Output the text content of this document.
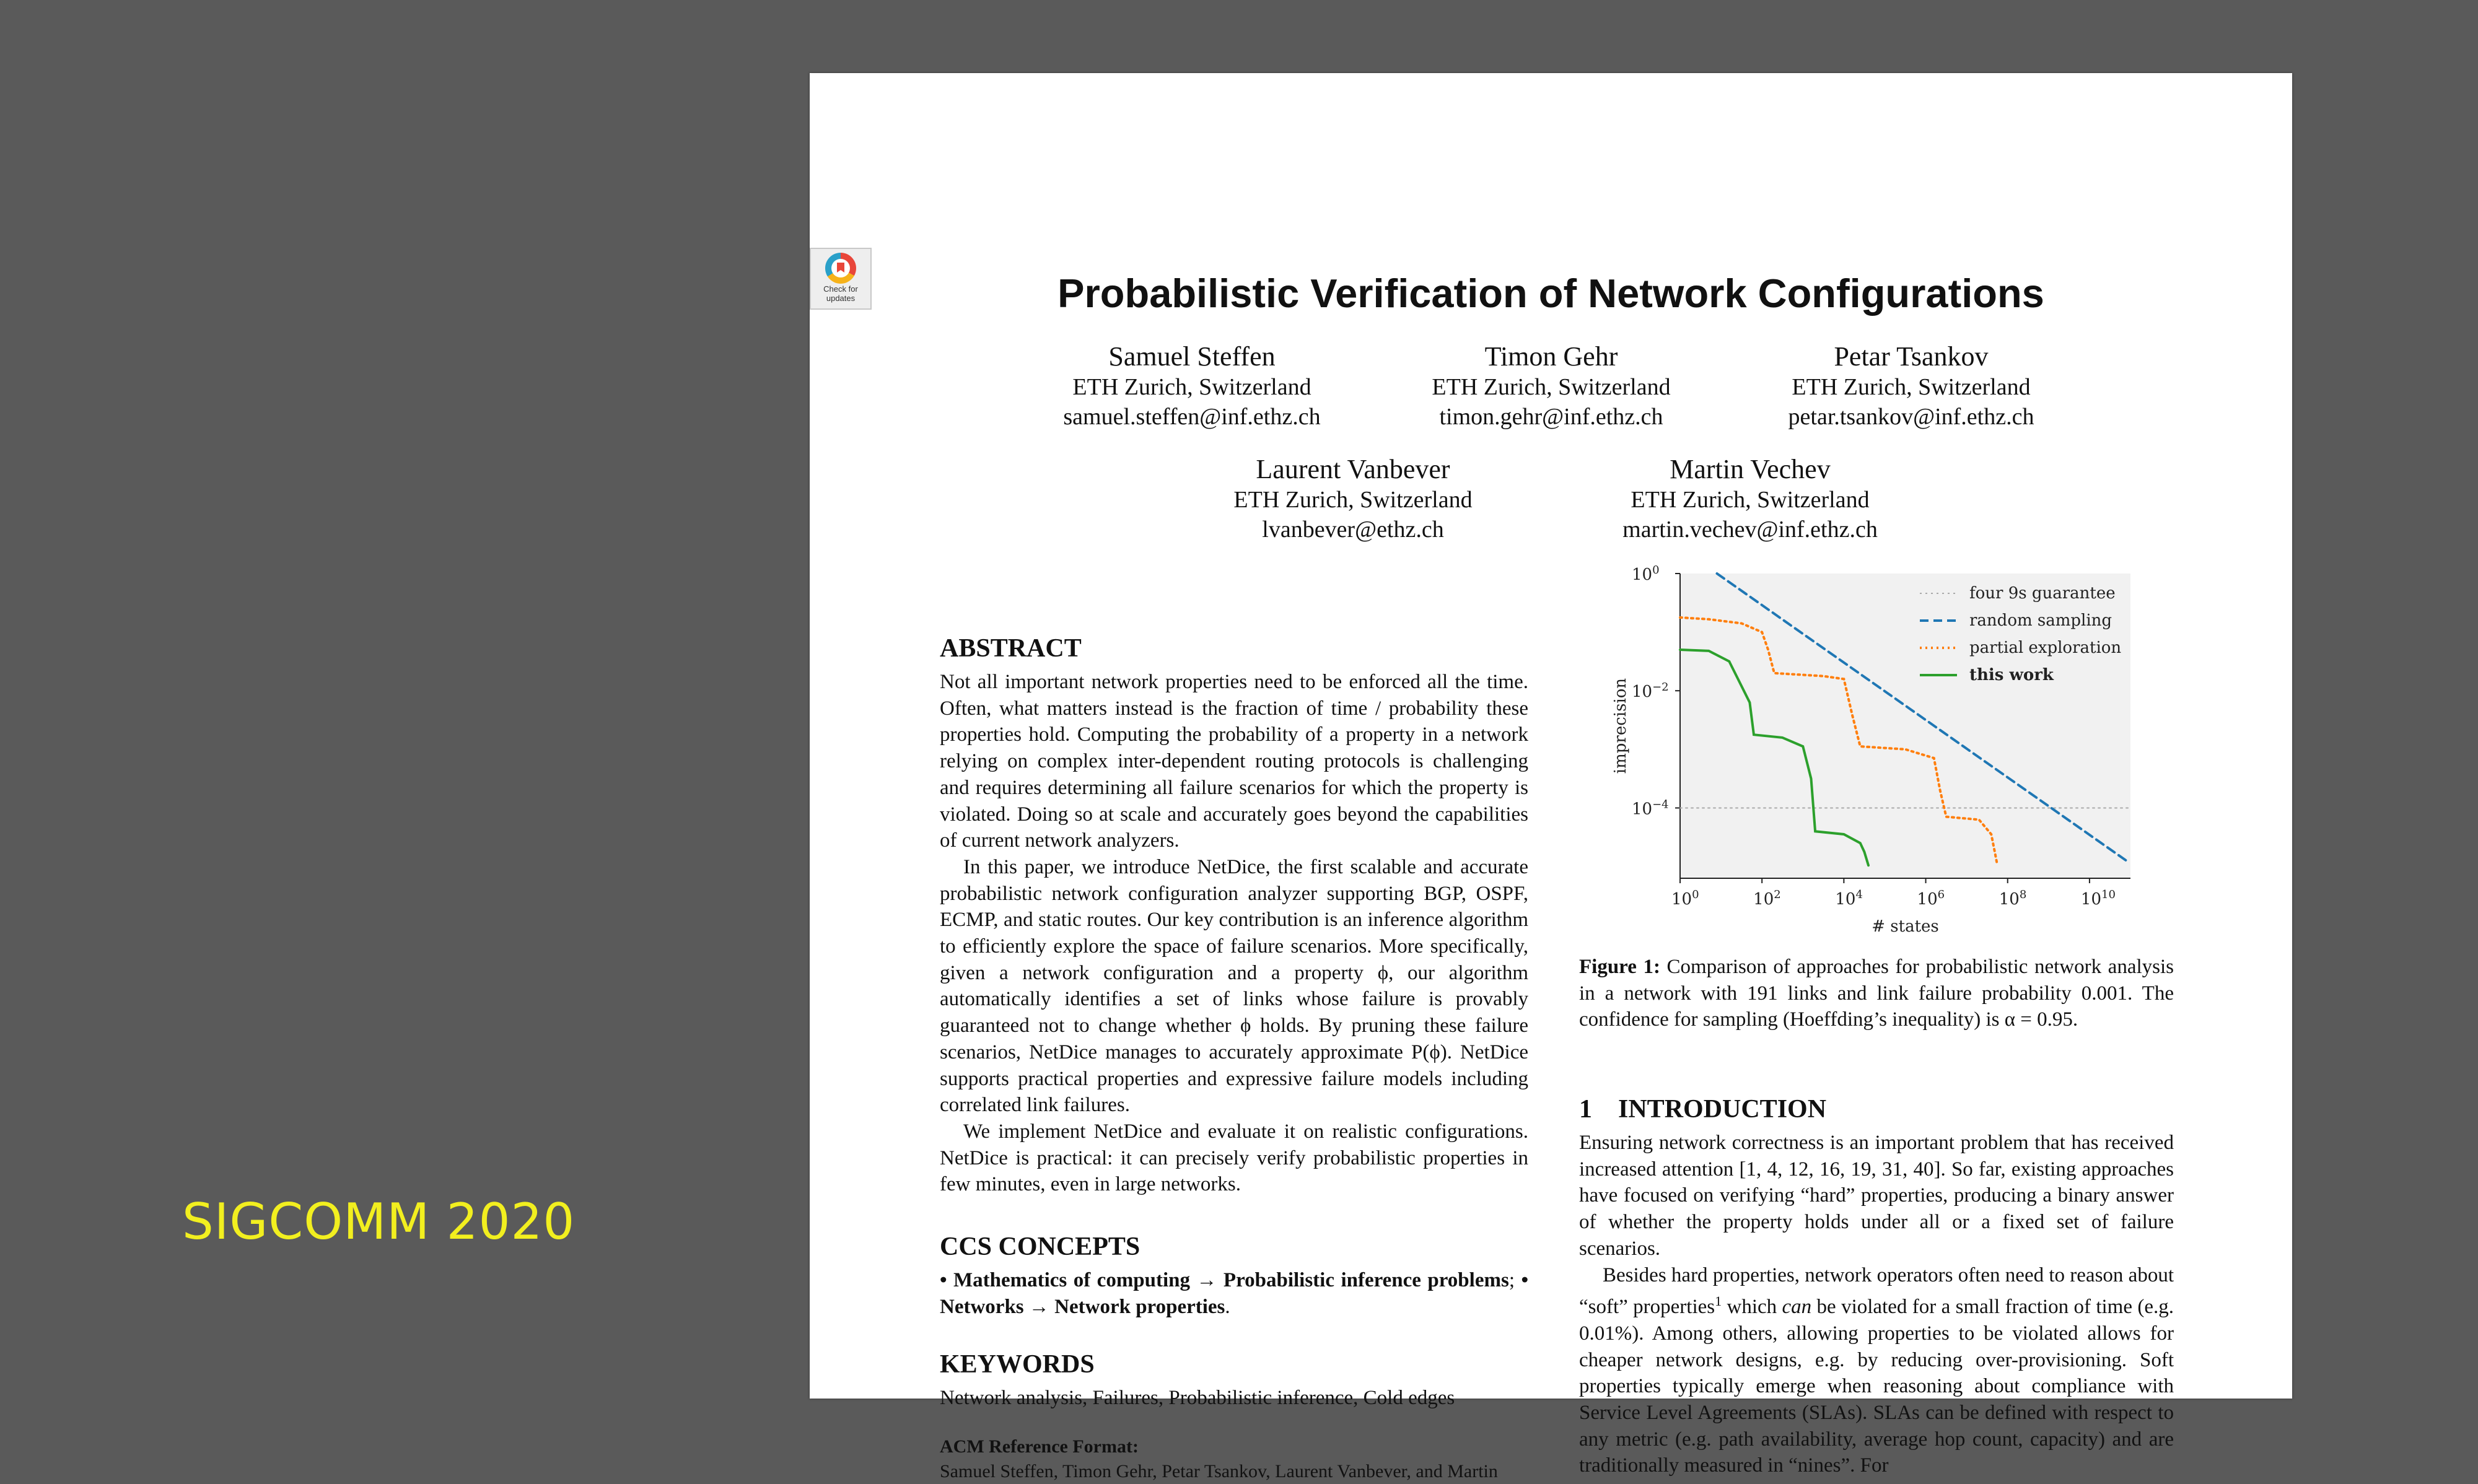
SIGCOMM 2020
Probabilistic Verification of Network Configurations
Samuel Steffen
ETH Zurich, Switzerland
samuel.steffen@inf.ethz.ch
Timon Gehr
ETH Zurich, Switzerland
timon.gehr@inf.ethz.ch
Petar Tsankov
ETH Zurich, Switzerland
petar.tsankov@inf.ethz.ch
Laurent Vanbever
ETH Zurich, Switzerland
lvanbever@ethz.ch
Martin Vechev
ETH Zurich, Switzerland
martin.vechev@inf.ethz.ch
ABSTRACT

Not all important network properties need to be enforced all the time. Often, what matters instead is the fraction of time / probability these properties hold. Computing the probability of a property in a network relying on complex inter-dependent routing protocols is challenging and requires determining all failure scenarios for which the property is violated. Doing so at scale and accurately goes beyond the capabilities of current network analyzers.

In this paper, we introduce NetDice, the first scalable and accurate probabilistic network configuration analyzer supporting BGP, OSPF, ECMP, and static routes. Our key contribution is an inference algorithm to efficiently explore the space of failure scenarios. More specifically, given a network configuration and a property ϕ, our algorithm automatically identifies a set of links whose failure is provably guaranteed not to change whether ϕ holds. By pruning these failure scenarios, NetDice manages to accurately approximate P(ϕ). NetDice supports practical properties and expressive failure models including correlated link failures.

We implement NetDice and evaluate it on realistic configurations. NetDice is practical: it can precisely verify probabilistic properties in few minutes, even in large networks.

CCS CONCEPTS

• Mathematics of computing → Probabilistic inference problems; • Networks → Network properties.

KEYWORDS

Network analysis, Failures, Probabilistic inference, Cold edges

ACM Reference Format:

Samuel Steffen, Timon Gehr, Petar Tsankov, Laurent Vanbever, and Martin

$10^0$	$10^2$	$10^4$	$10^6$	$10^8$	$10^{10}$
$10^0$
$10^{-2}$
$10^{-4}$
# states
imprecision
four 9s guarantee
random sampling
partial exploration
this work

Figure 1: Comparison of approaches for probabilistic network analysis in a network with 191 links and link failure probability 0.001. The confidence for sampling (Hoeffding’s inequality) is α = 0.95.

1    INTRODUCTION

Ensuring network correctness is an important problem that has received increased attention [1, 4, 12, 16, 19, 31, 40]. So far, existing approaches have focused on verifying “hard” properties, producing a binary answer of whether the property holds under all or a fixed set of failure scenarios.

Besides hard properties, network operators often need to reason about “soft” properties$^1$ which can be violated for a small fraction of time (e.g. 0.01%). Among others, allowing properties to be violated allows for cheaper network designs, e.g. by reducing over-provisioning. Soft properties typically emerge when reasoning about compliance with Service Level Agreements (SLAs). SLAs can be defined with respect to any metric (e.g. path availability, average hop count, capacity) and are traditionally measured in “nines”. For

Check for
updates
